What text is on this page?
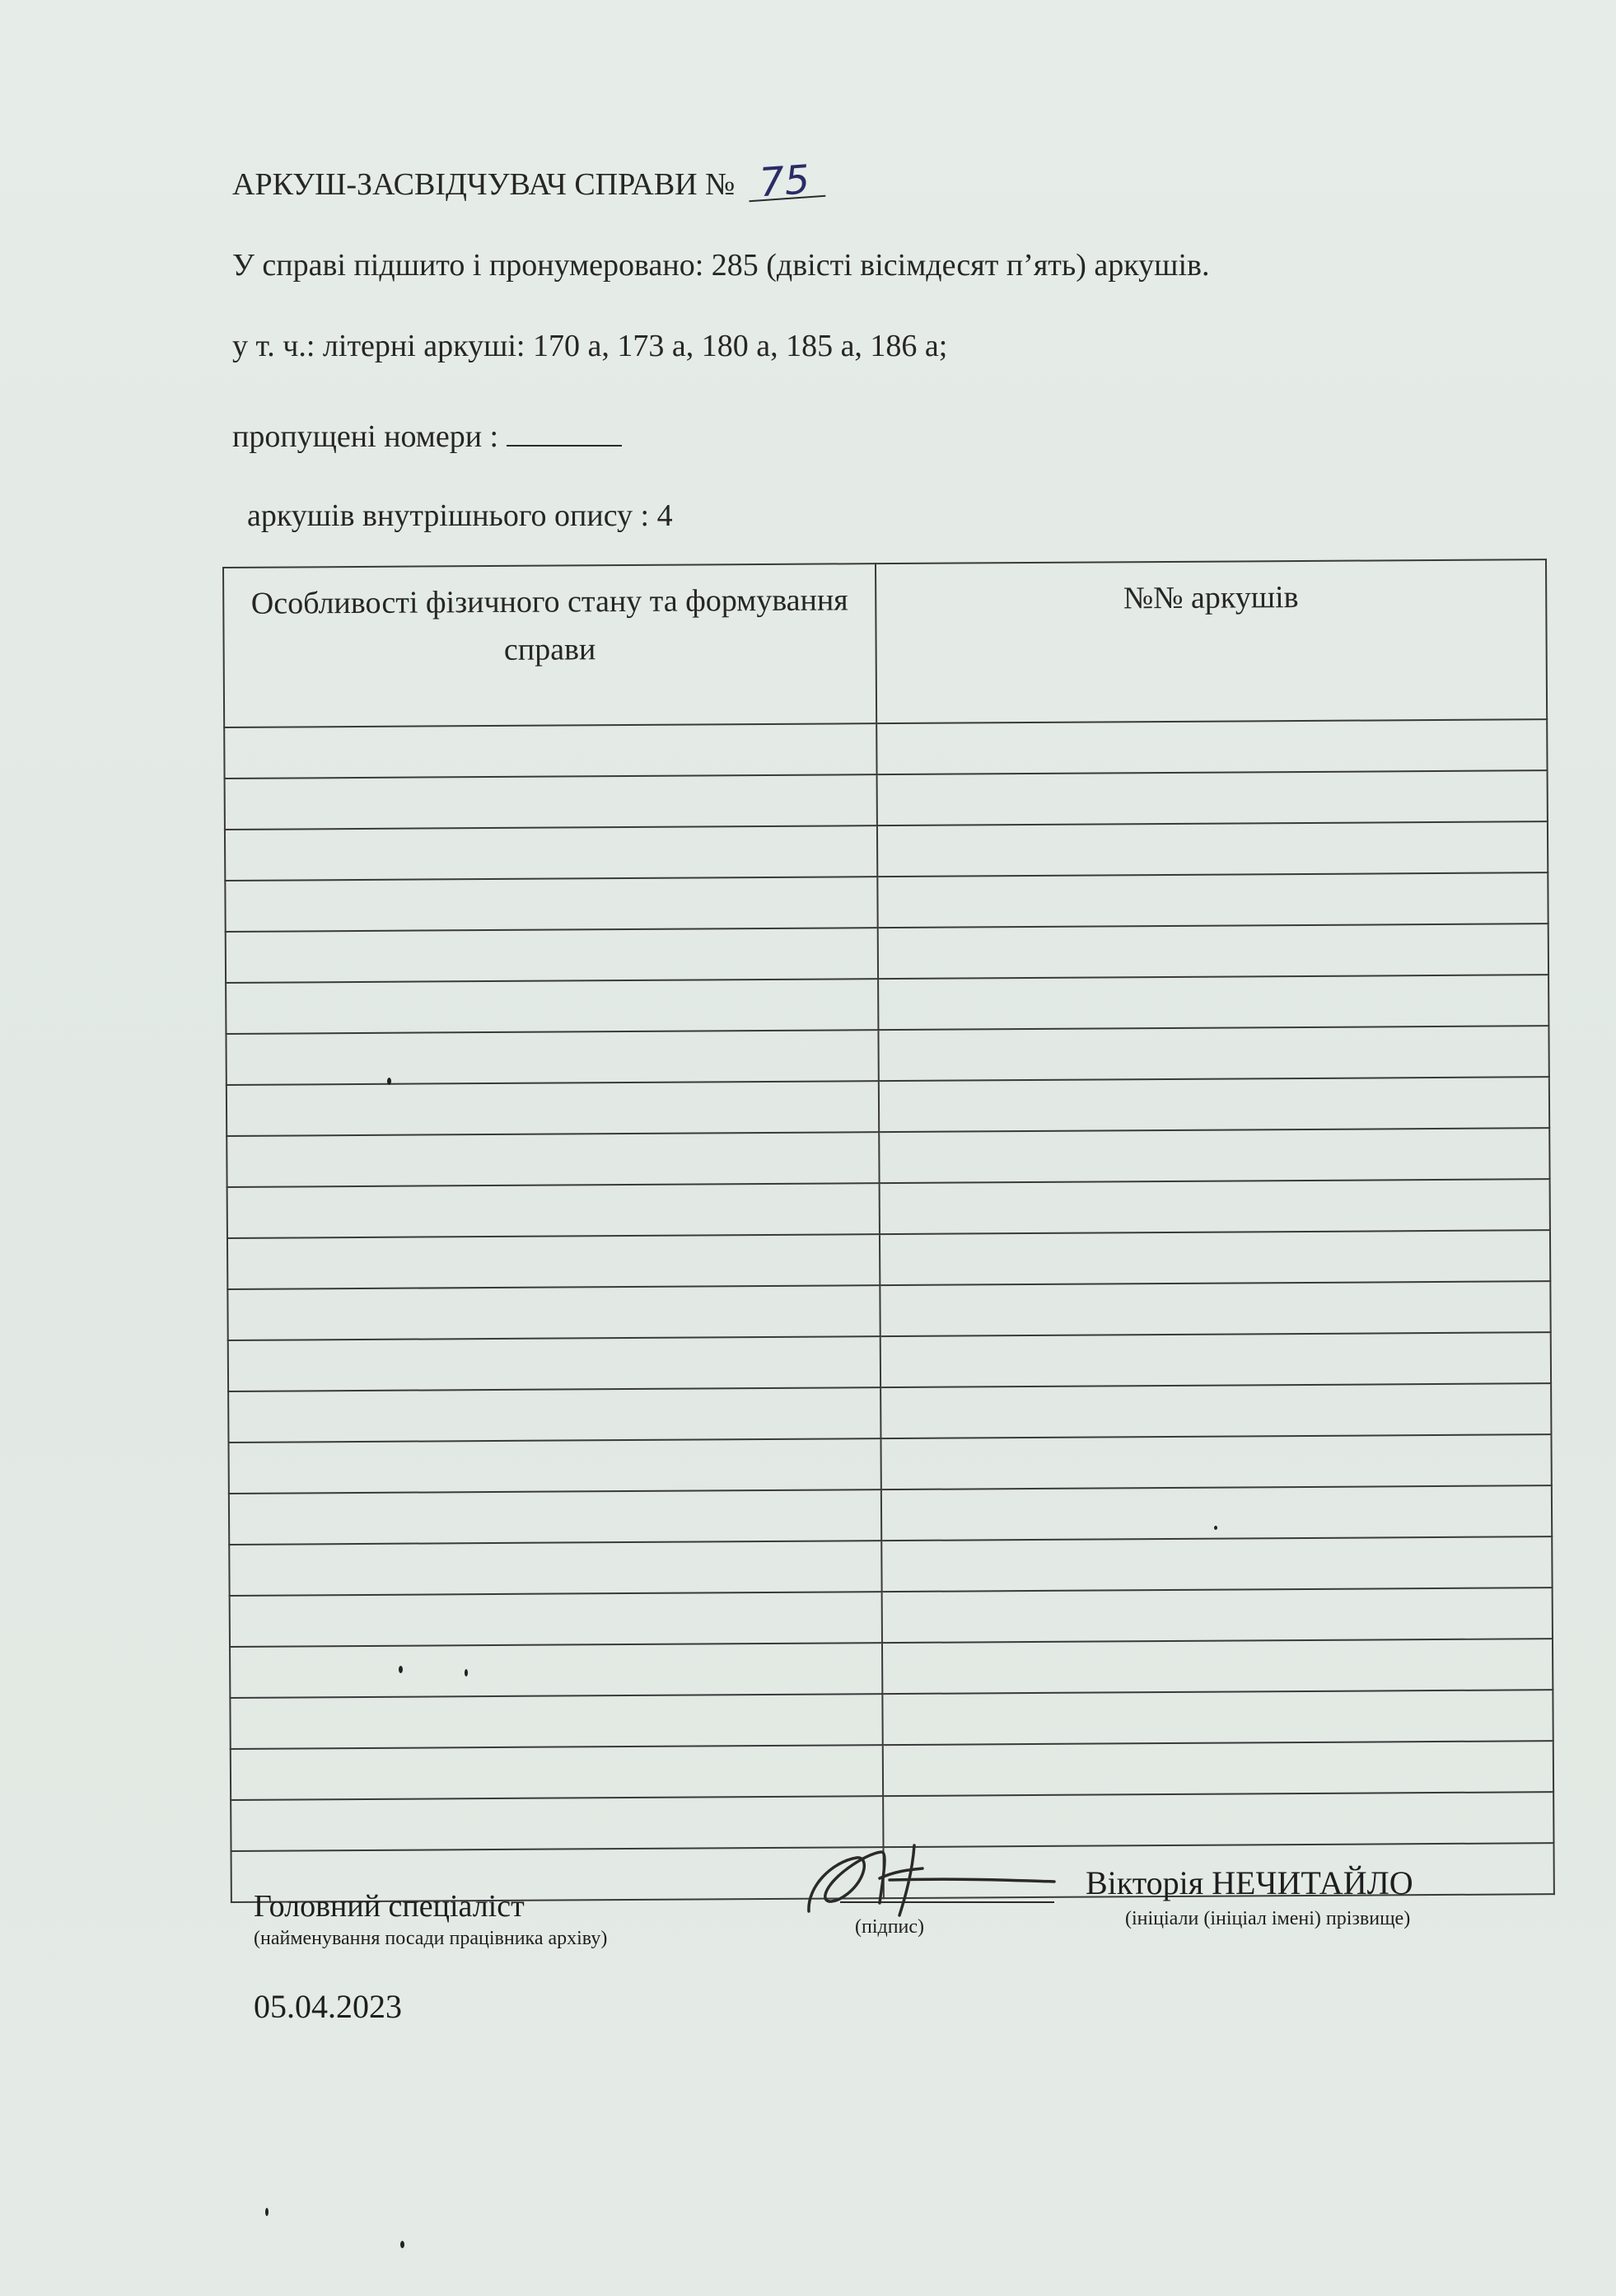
АРКУШ-ЗАСВІДЧУВАЧ СПРАВИ № 75
У справі підшито і пронумеровано: 285 (двісті вісімдесят п’ять) аркушів.
у т. ч.: літерні аркуші: 170 а, 173 а, 180 а, 185 а, 186 а;
пропущені номери :
аркушів внутрішнього опису : 4
Особливості фізичного стану та формування справи	№№ аркушів

Головний спеціаліст
(найменування посади працівника архіву)
(підпис)
Вікторія НЕЧИТАЙЛО
(ініціали (ініціал імені) прізвище)
05.04.2023
